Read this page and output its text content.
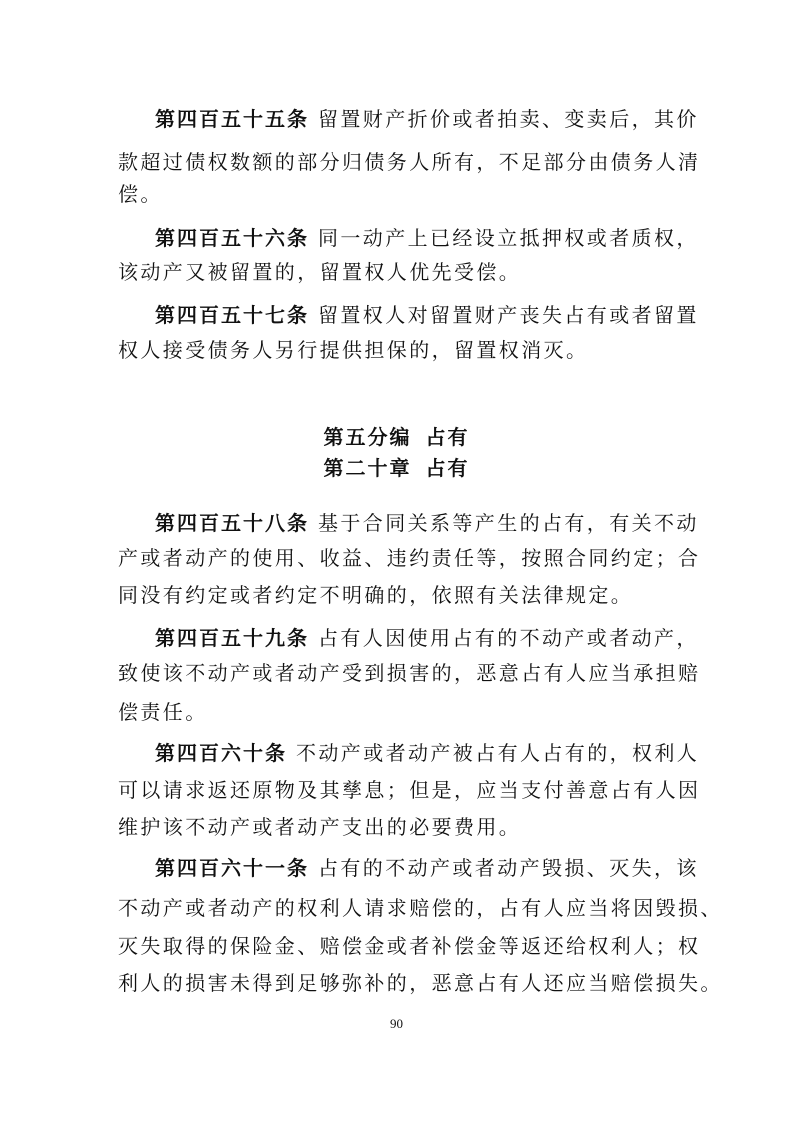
第四百五十五条 留置财产折价或者拍卖、变卖后，其价
款超过债权数额的部分归债务人所有，不足部分由债务人清
偿。
第四百五十六条 同一动产上已经设立抵押权或者质权，
该动产又被留置的，留置权人优先受偿。
第四百五十七条 留置权人对留置财产丧失占有或者留置
权人接受债务人另行提供担保的，留置权消灭。
第五分编 占有
第二十章 占有
第四百五十八条 基于合同关系等产生的占有，有关不动
产或者动产的使用、收益、违约责任等，按照合同约定；合
同没有约定或者约定不明确的，依照有关法律规定。
第四百五十九条 占有人因使用占有的不动产或者动产，
致使该不动产或者动产受到损害的，恶意占有人应当承担赔
偿责任。
第四百六十条 不动产或者动产被占有人占有的，权利人
可以请求返还原物及其孳息；但是，应当支付善意占有人因
维护该不动产或者动产支出的必要费用。
第四百六十一条 占有的不动产或者动产毁损、灭失，该
不动产或者动产的权利人请求赔偿的，占有人应当将因毁损、
灭失取得的保险金、赔偿金或者补偿金等返还给权利人；权
利人的损害未得到足够弥补的，恶意占有人还应当赔偿损失。
90
